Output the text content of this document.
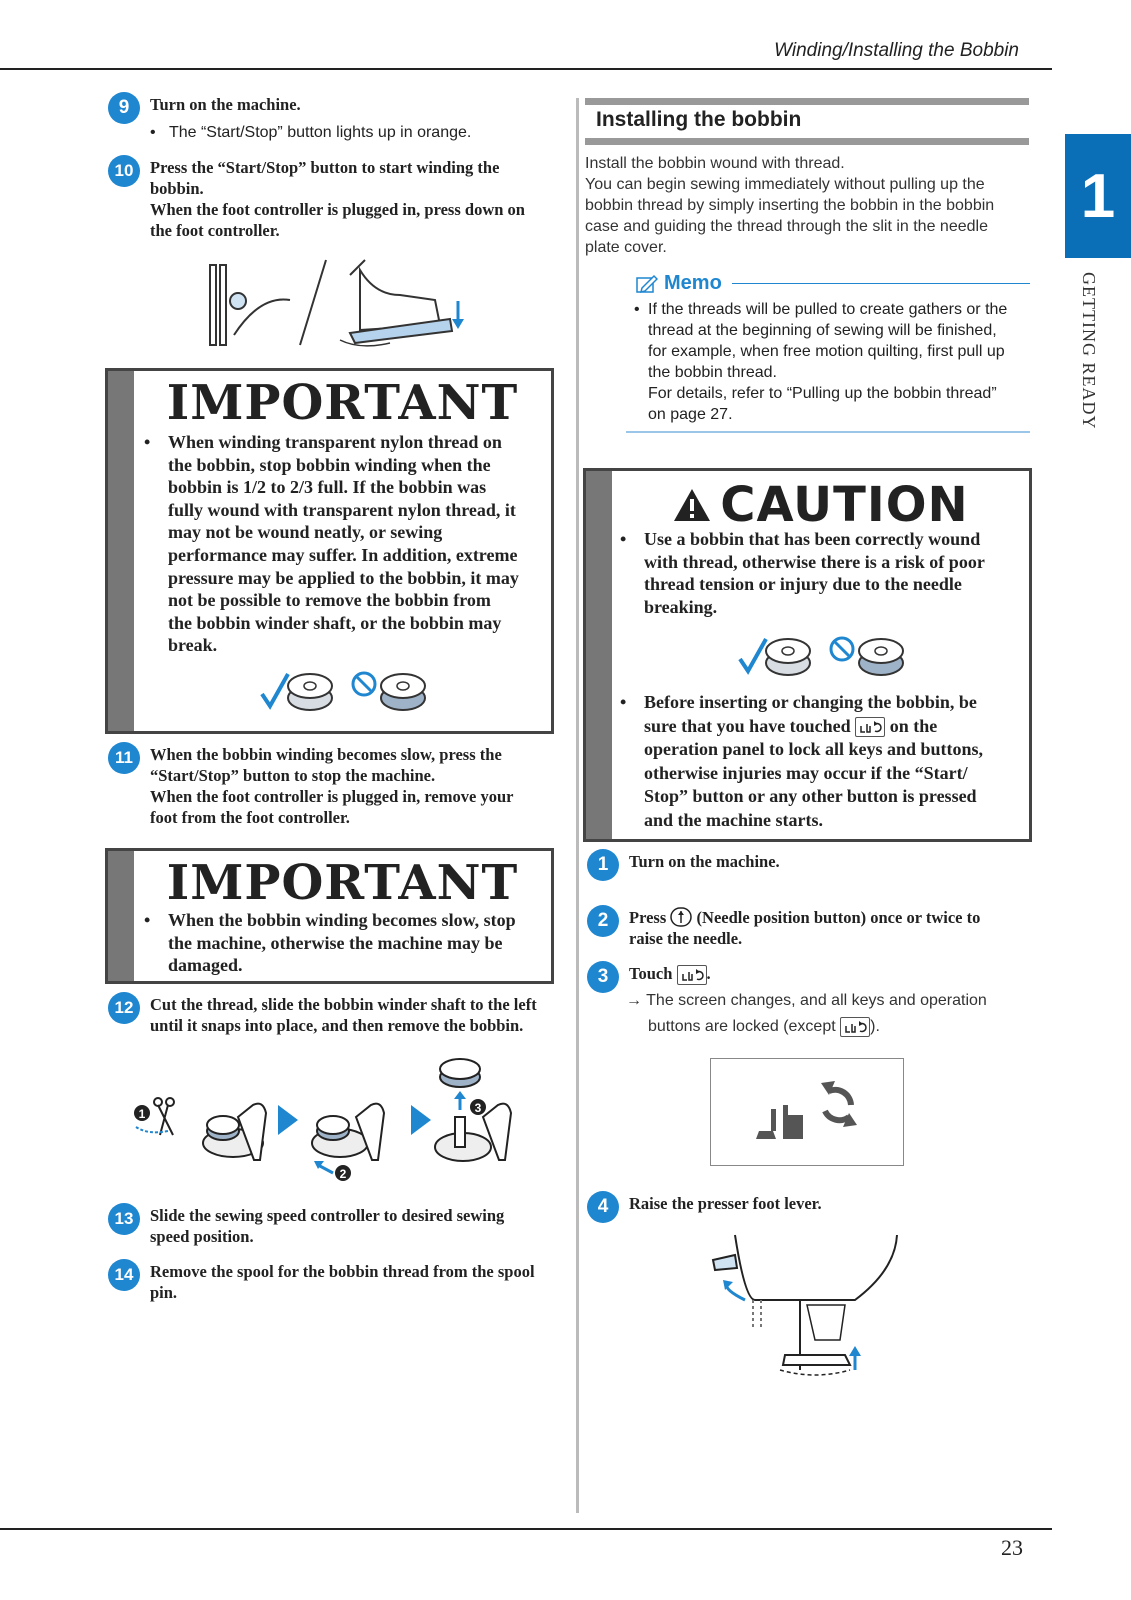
Winding/Installing the Bobbin
23
1
GETTING READY
9	Turn on the machine.
•   The “Start/Stop” button lights up in orange.
10	Press the “Start/Stop” button to start winding the
bobbin.
When the foot controller is plugged in, press down on
the foot controller.
IMPORTANT
• When winding transparent nylon thread on
the bobbin, stop bobbin winding when the
bobbin is 1/2 to 2/3 full. If the bobbin was
fully wound with transparent nylon thread, it
may not be wound neatly, or sewing
performance may suffer. In addition, extreme
pressure may be applied to the bobbin, it may
not be possible to remove the bobbin from
the bobbin winder shaft, or the bobbin may
break.
11	When the bobbin winding becomes slow, press the
“Start/Stop” button to stop the machine.
When the foot controller is plugged in, remove your
foot from the foot controller.
IMPORTANT
• When the bobbin winding becomes slow, stop
the machine, otherwise the machine may be
damaged.
12	Cut the thread, slide the bobbin winder shaft to the left
until it snaps into place, and then remove the bobbin.
1
2
3
13	Slide the sewing speed controller to desired sewing
speed position.
14	Remove the spool for the bobbin thread from the spool
pin.
Installing the bobbin
Install the bobbin wound with thread.
You can begin sewing immediately without pulling up the
bobbin thread by simply inserting the bobbin in the bobbin
case and guiding the thread through the slit in the needle
plate cover.
Memo
• If the threads will be pulled to create gathers or the
thread at the beginning of sewing will be finished,
for example, when free motion quilting, first pull up
the bobbin thread.
For details, refer to “Pulling up the bobbin thread”
on page 27.
CAUTION
• Use a bobbin that has been correctly wound
with thread, otherwise there is a risk of poor
thread tension or injury due to the needle
breaking.
• Before inserting or changing the bobbin, be
sure that you have touched on the
operation panel to lock all keys and buttons,
otherwise injuries may occur if the “Start/
Stop” button or any other button is pressed
and the machine starts.
1	Turn on the machine.
2	Press (Needle position button) once or twice to
raise the needle.
3	Touch .
→ The screen changes, and all keys and operation
buttons are locked (except ).
4	Raise the presser foot lever.
